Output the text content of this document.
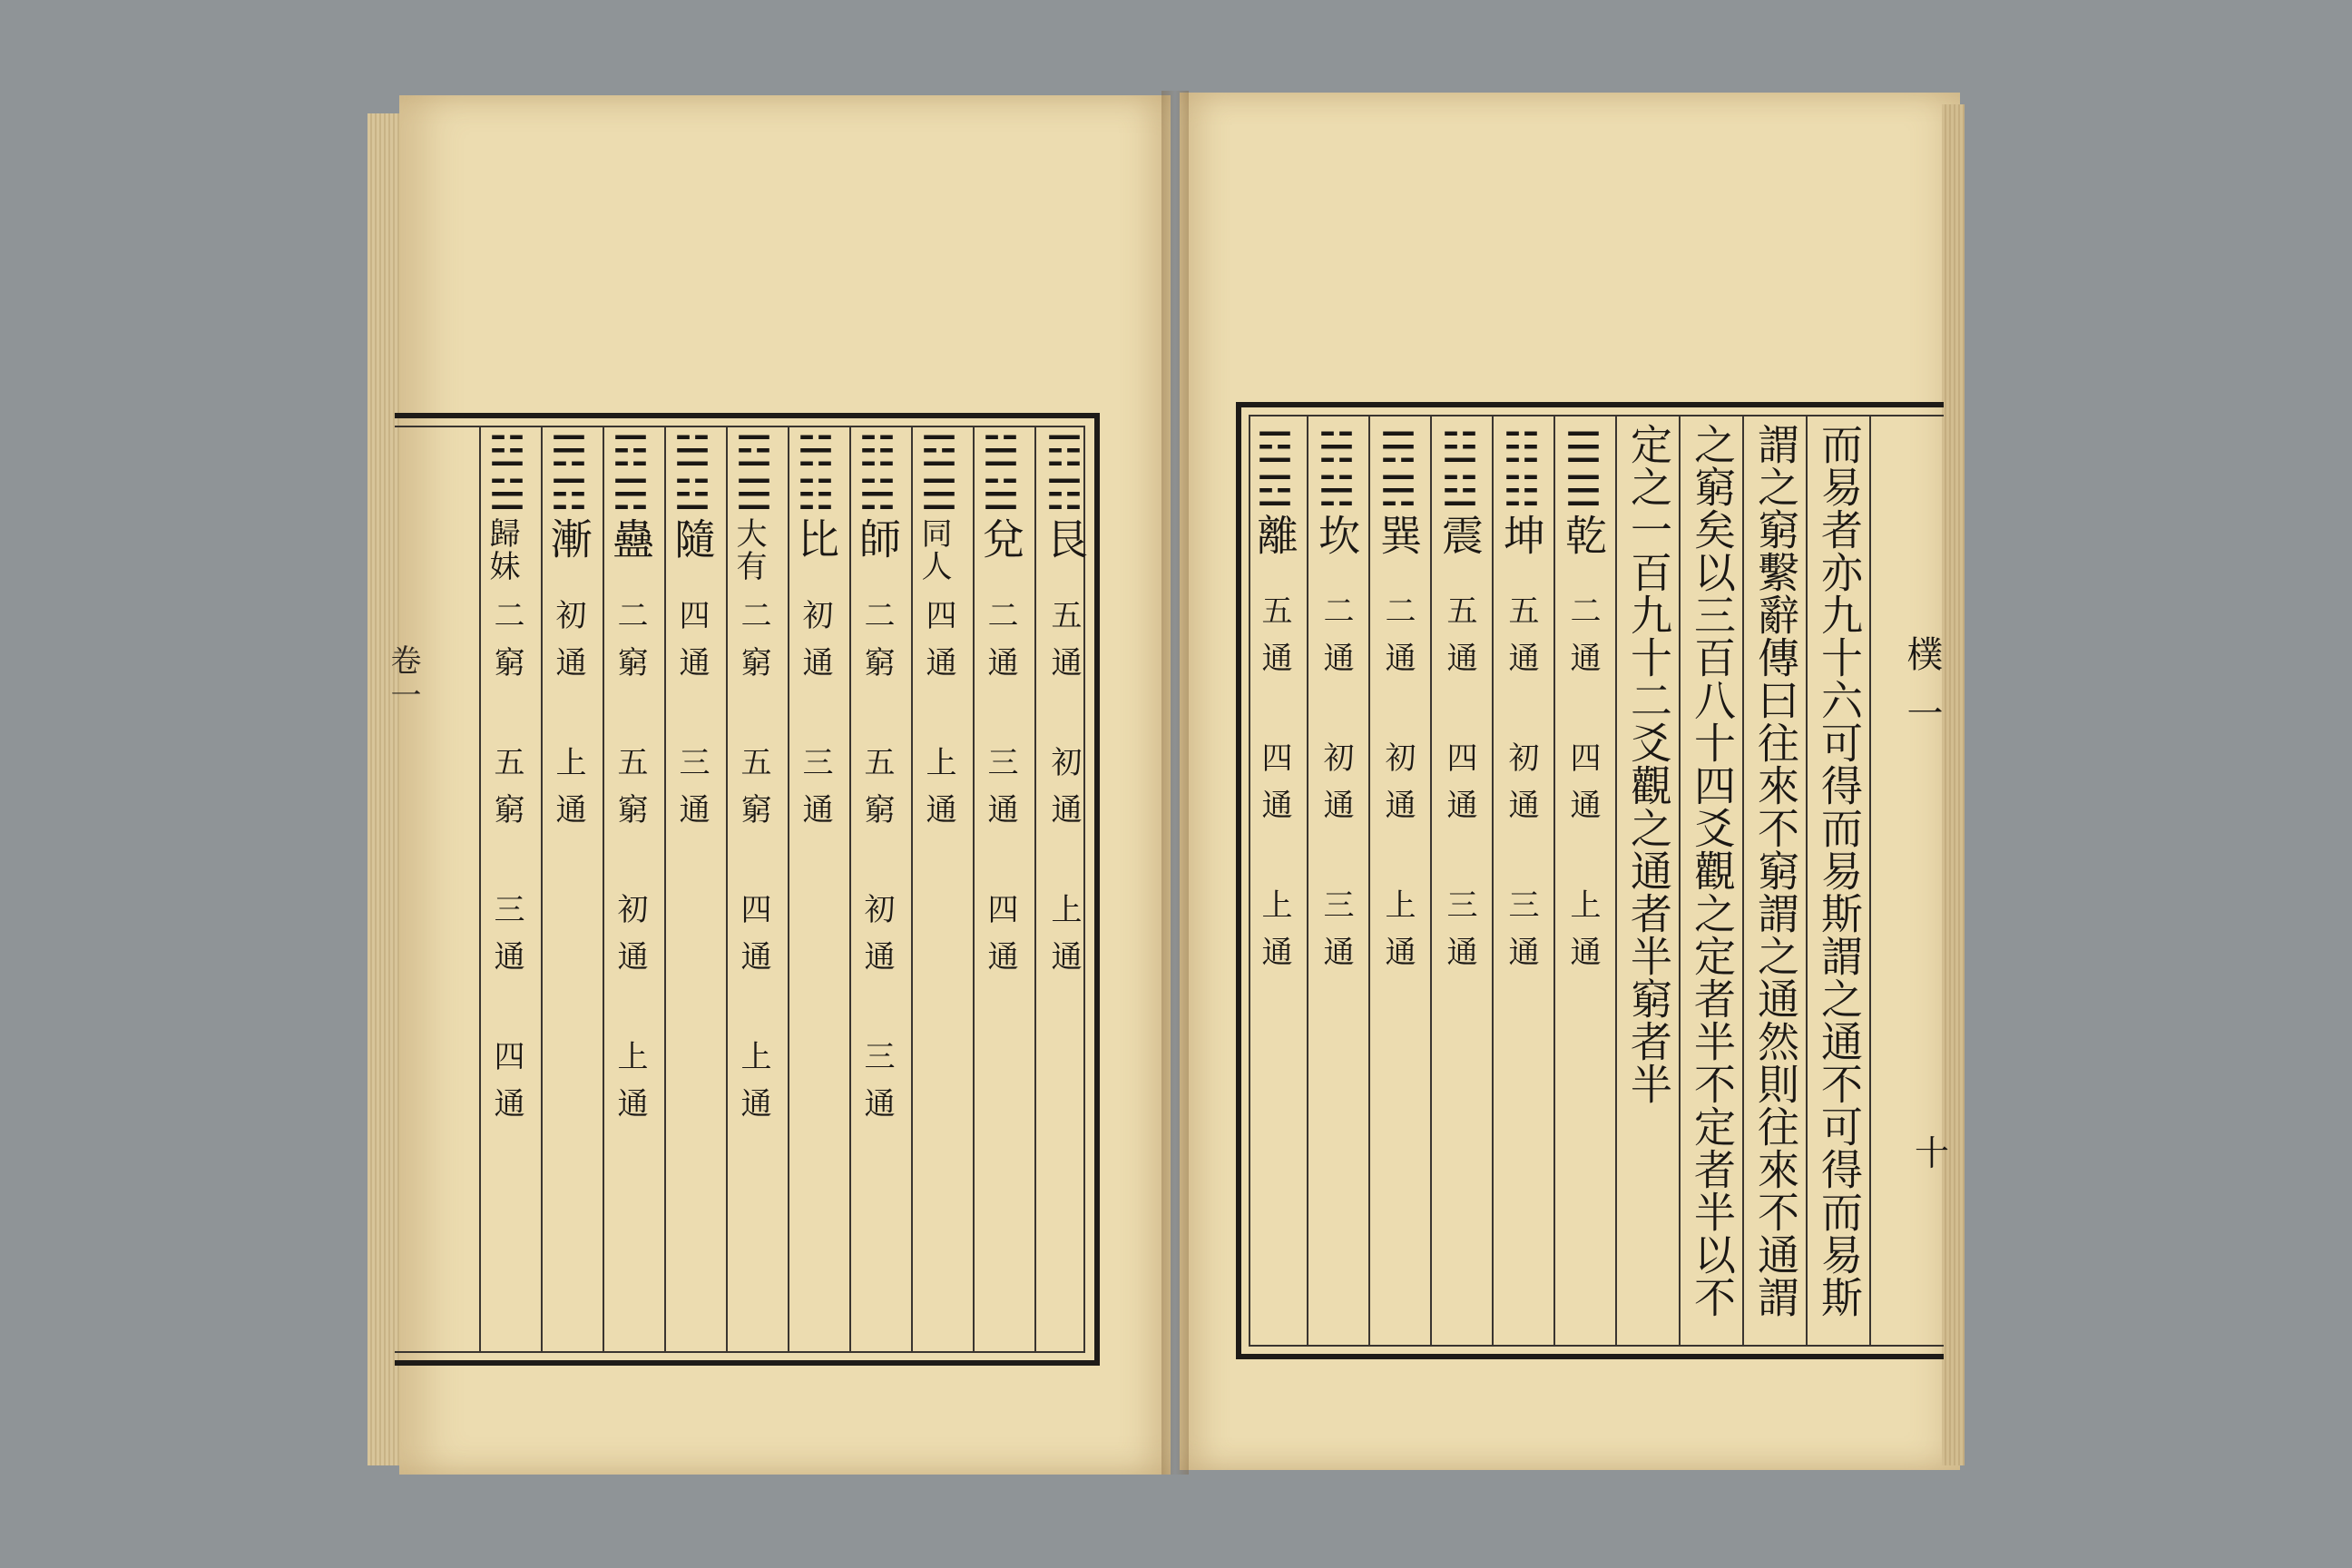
卷一
☶☶
艮
五通 初通 上通
☱☱
兌
二通 三通 四通
☲☰
同人
四通 上通
☷☵
師
二窮 五窮 初通 三通
☵☷
比
初通 三通
☲☰
大有
二窮 五窮 四通 上通
☱☳
隨
四通 三通
☶☴
蠱
二窮 五窮 初通 上通
☴☶
漸
初通 上通
☳☱
歸妹
二窮 五窮 三通 四通	樸 一
十
而易者亦九十六可得而易斯謂之通不可得而易斯
謂之窮繫辭傳曰往來不窮謂之通然則往來不通謂
之窮矣以三百八十四爻觀之定者半不定者半以不
定之一百九十二爻觀之通者半窮者半
☰☰
乾
二通 四通 上通
☷☷
坤
五通 初通 三通
☳☳
震
五通 四通 三通
☴☴
巽
二通 初通 上通
☵☵
坎
二通 初通 三通
☲☲
離
五通 四通 上通
